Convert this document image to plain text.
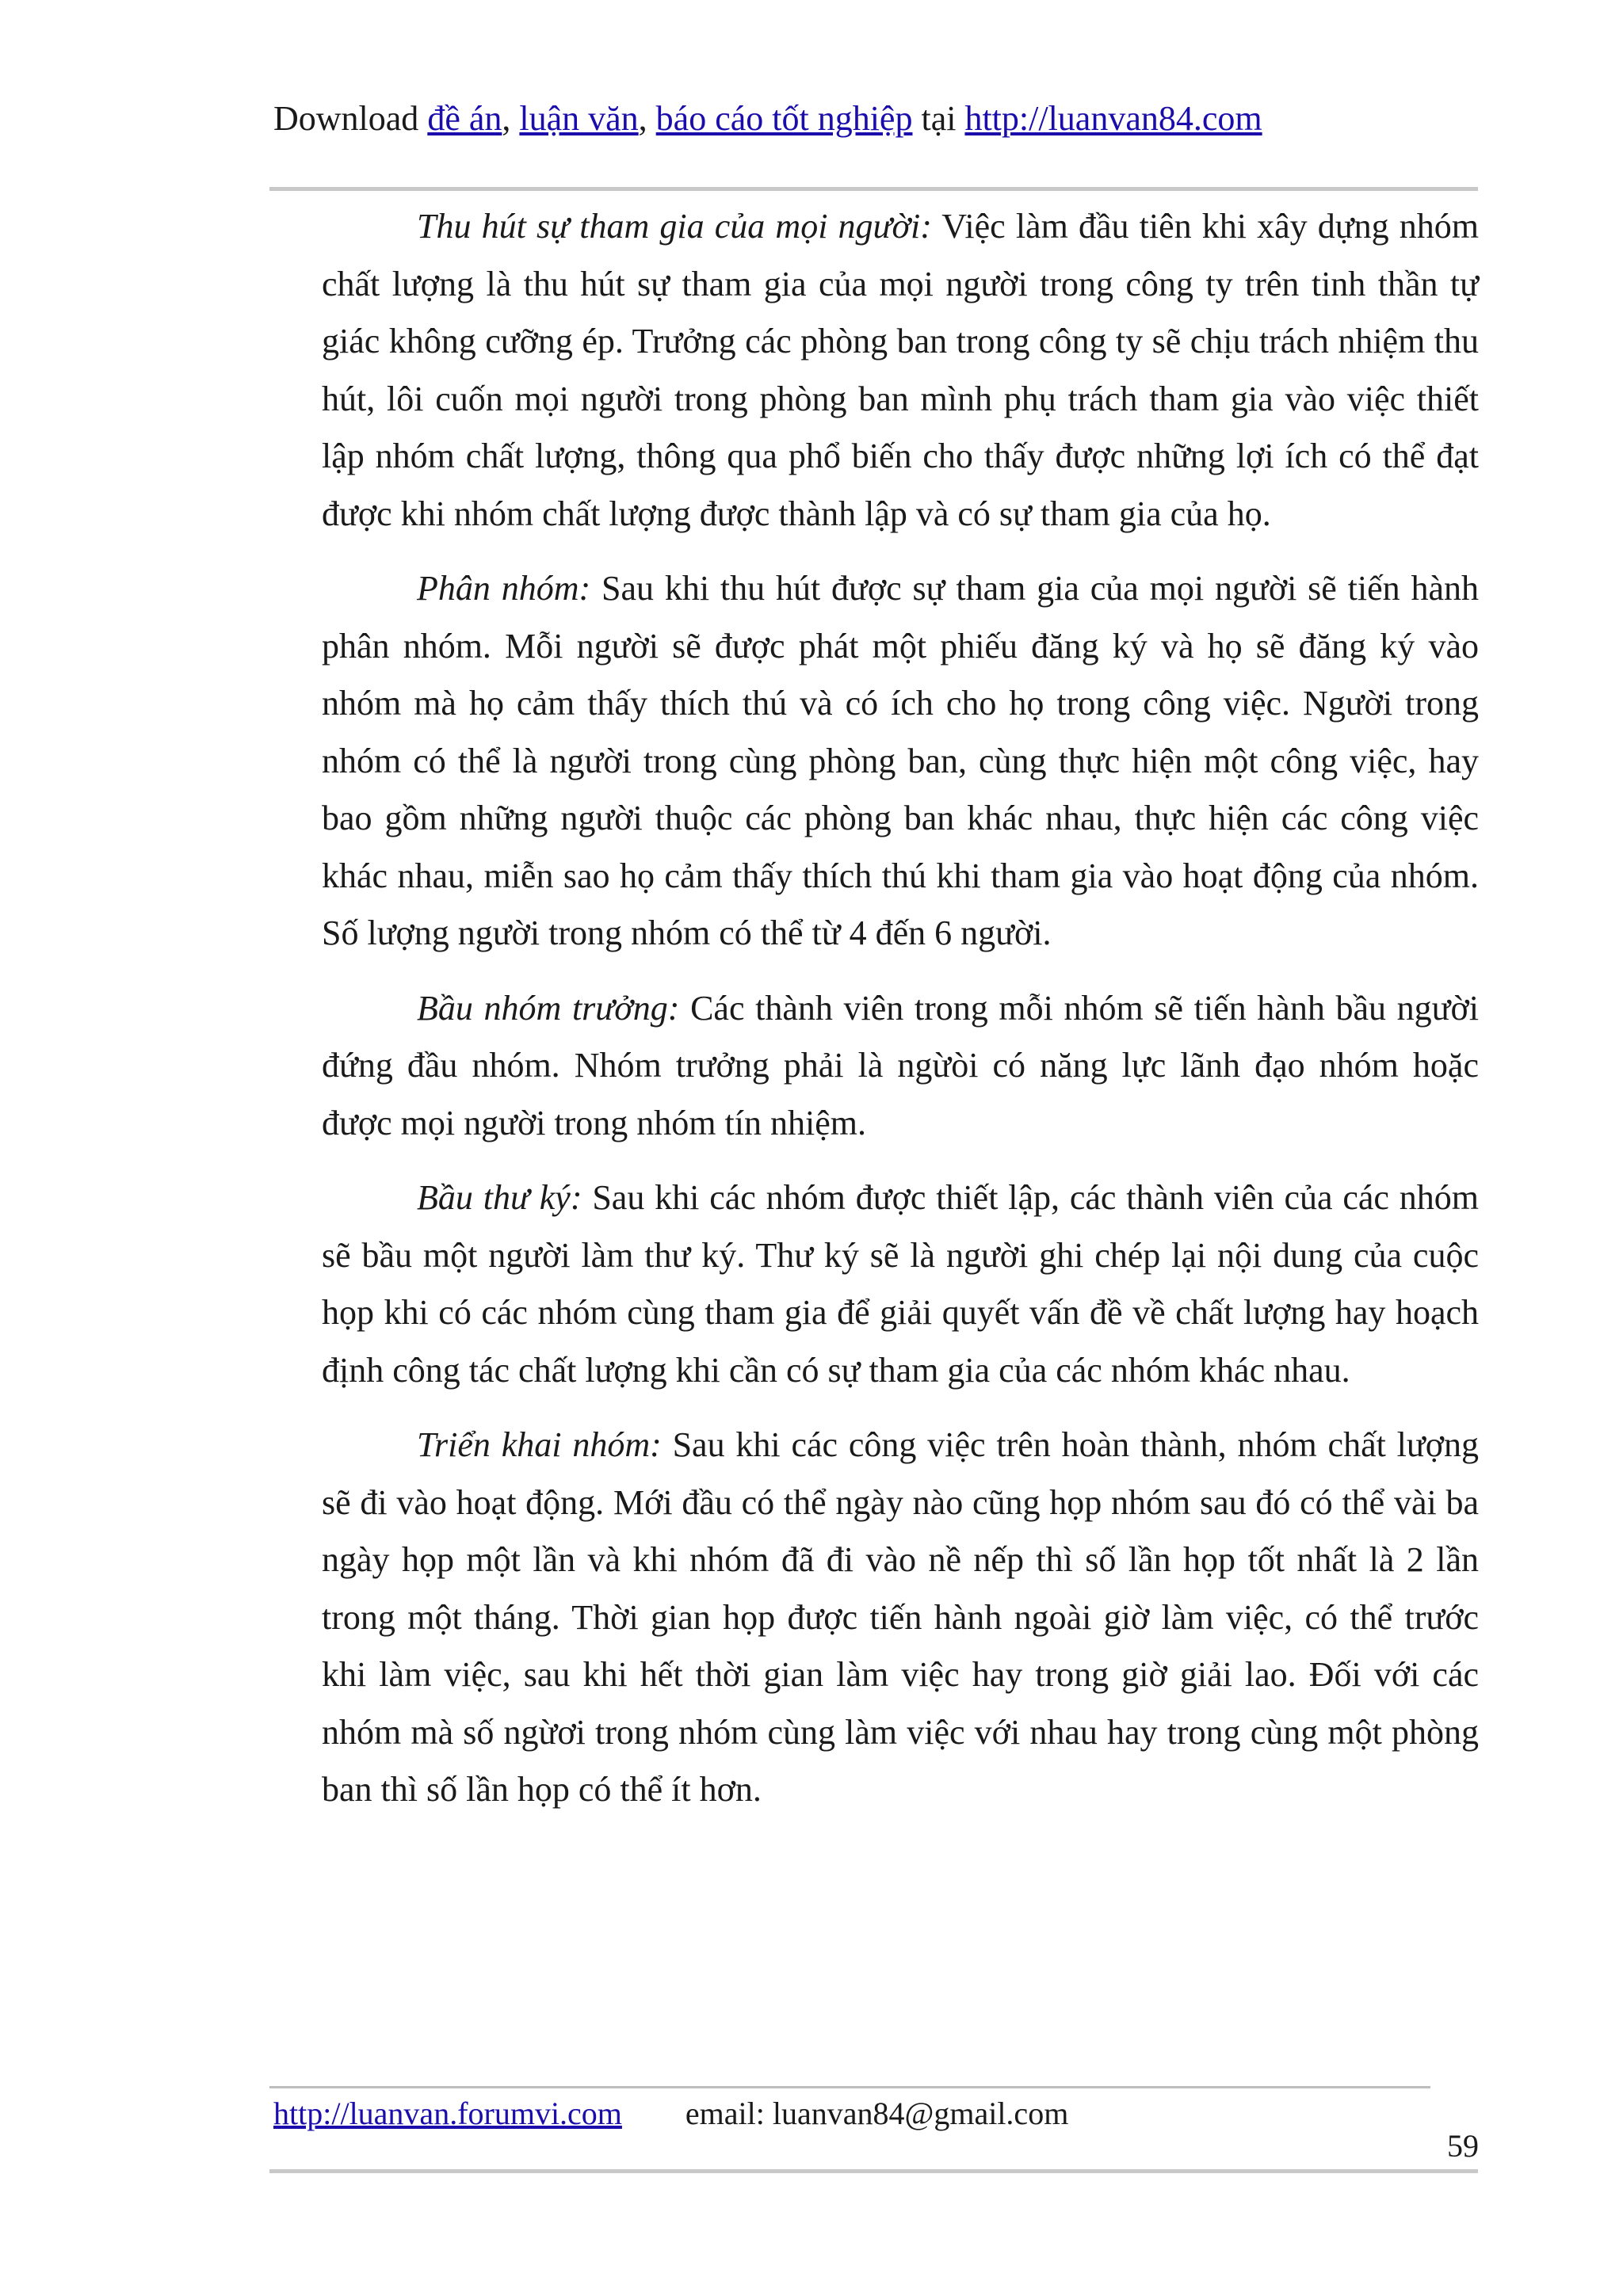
Download đề án, luận văn, báo cáo tốt nghiệp tại http://luanvan84.com

Thu hút sự tham gia của mọi người: Việc làm đầu tiên khi xây dựng nhóm chất lượng là thu hút sự tham gia của mọi người trong công ty trên tinh thần tự giác không cưỡng ép. Trưởng các phòng ban trong công ty sẽ chịu trách nhiệm thu hút, lôi cuốn mọi người trong phòng ban mình phụ trách tham gia vào việc thiết lập nhóm chất lượng, thông qua phổ biến cho thấy được những lợi ích có thể đạt được khi nhóm chất lượng được thành lập và có sự tham gia của họ.

Phân nhóm: Sau khi thu hút được sự tham gia của mọi người sẽ tiến hành phân nhóm. Mỗi người sẽ được phát một phiếu đăng ký và họ sẽ đăng ký vào nhóm mà họ cảm thấy thích thú và có ích cho họ trong công việc. Người trong nhóm có thể là người trong cùng phòng ban, cùng thực hiện một công việc, hay bao gồm những người thuộc các phòng ban khác nhau, thực hiện các công việc khác nhau, miễn sao họ cảm thấy thích thú khi tham gia vào hoạt động của nhóm. Số lượng người trong nhóm có thể từ 4 đến 6 người.

Bầu nhóm trưởng: Các thành viên trong mỗi nhóm sẽ tiến hành bầu người đứng đầu nhóm. Nhóm trưởng phải là ngừòi có năng lực lãnh đạo nhóm hoặc được mọi người trong nhóm tín nhiệm.

Bầu thư ký: Sau khi các nhóm được thiết lập, các thành viên của các nhóm sẽ bầu một người làm thư ký. Thư ký sẽ là người ghi chép lại nội dung của cuộc họp khi có các nhóm cùng tham gia để giải quyết vấn đề về chất lượng hay hoạch định công tác chất lượng khi cần có sự tham gia của các nhóm khác nhau.

Triển khai nhóm: Sau khi các công việc trên hoàn thành, nhóm chất lượng sẽ đi vào hoạt động. Mới đầu có thể ngày nào cũng họp nhóm sau đó có thể vài ba ngày họp một lần và khi nhóm đã đi vào nề nếp thì số lần họp tốt nhất là 2 lần trong một tháng. Thời gian họp được tiến hành ngoài giờ làm việc, có thể trước khi làm việc, sau khi hết thời gian làm việc hay trong giờ giải lao. Đối với các nhóm mà số ngừơi trong nhóm cùng làm việc với nhau hay trong cùng một phòng ban thì số lần họp có thể ít hơn.

http://luanvan.forumvi.com email: luanvan84@gmail.com
59
